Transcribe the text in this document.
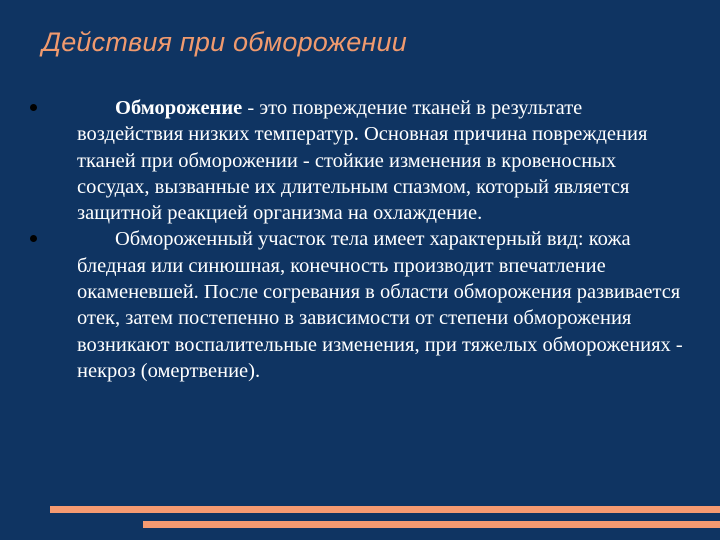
Действия при обморожении
Обморожение - это повреждение тканей в результате воздействия низких температур. Основная причина повреждения тканей при обморожении - стойкие изменения в кровеносных сосудах, вызванные их длительным спазмом, который является защитной реакцией организма на охлаждение.
Обмороженный участок тела имеет характерный вид: кожа бледная или синюшная, конечность производит впечатление окаменевшей. После согревания в области обморожения развивается отек, затем постепенно в зависимости от степени обморожения возникают воспалительные изменения, при тяжелых обморожениях - некроз (омертвение).
